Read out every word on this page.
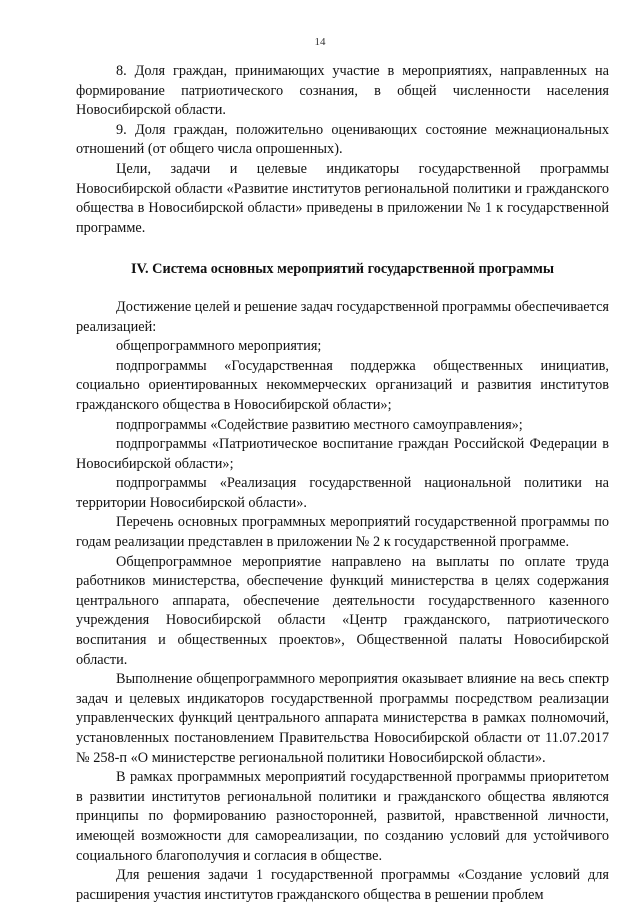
14

8. Доля граждан, принимающих участие в мероприятиях, направленных на формирование патриотического сознания, в общей численности населения Новосибирской области.

9. Доля граждан, положительно оценивающих состояние межнациональных отношений (от общего числа опрошенных).

Цели, задачи и целевые индикаторы государственной программы Новосибирской области «Развитие институтов региональной политики и гражданского общества в Новосибирской области» приведены в приложении № 1 к государственной программе.

IV. Система основных мероприятий государственной программы

Достижение целей и решение задач государственной программы обеспечивается реализацией:

общепрограммного мероприятия;

подпрограммы «Государственная поддержка общественных инициатив, социально ориентированных некоммерческих организаций и развития институтов гражданского общества в Новосибирской области»;

подпрограммы «Содействие развитию местного самоуправления»;

подпрограммы «Патриотическое воспитание граждан Российской Федерации в Новосибирской области»;

подпрограммы «Реализация государственной национальной политики на территории Новосибирской области».

Перечень основных программных мероприятий государственной программы по годам реализации представлен в приложении № 2 к государственной программе.

Общепрограммное мероприятие направлено на выплаты по оплате труда работников министерства, обеспечение функций министерства в целях содержания центрального аппарата, обеспечение деятельности государственного казенного учреждения Новосибирской области «Центр гражданского, патриотического воспитания и общественных проектов», Общественной палаты Новосибирской области.

Выполнение общепрограммного мероприятия оказывает влияние на весь спектр задач и целевых индикаторов государственной программы посредством реализации управленческих функций центрального аппарата министерства в рамках полномочий, установленных постановлением Правительства Новосибирской области от 11.07.2017 № 258-п «О министерстве региональной политики Новосибирской области».

В рамках программных мероприятий государственной программы приоритетом в развитии институтов региональной политики и гражданского общества являются принципы по формированию разносторонней, развитой, нравственной личности, имеющей возможности для самореализации, по созданию условий для устойчивого социального благополучия и согласия в обществе.

Для решения задачи 1 государственной программы «Создание условий для расширения участия институтов гражданского общества в решении проблем
